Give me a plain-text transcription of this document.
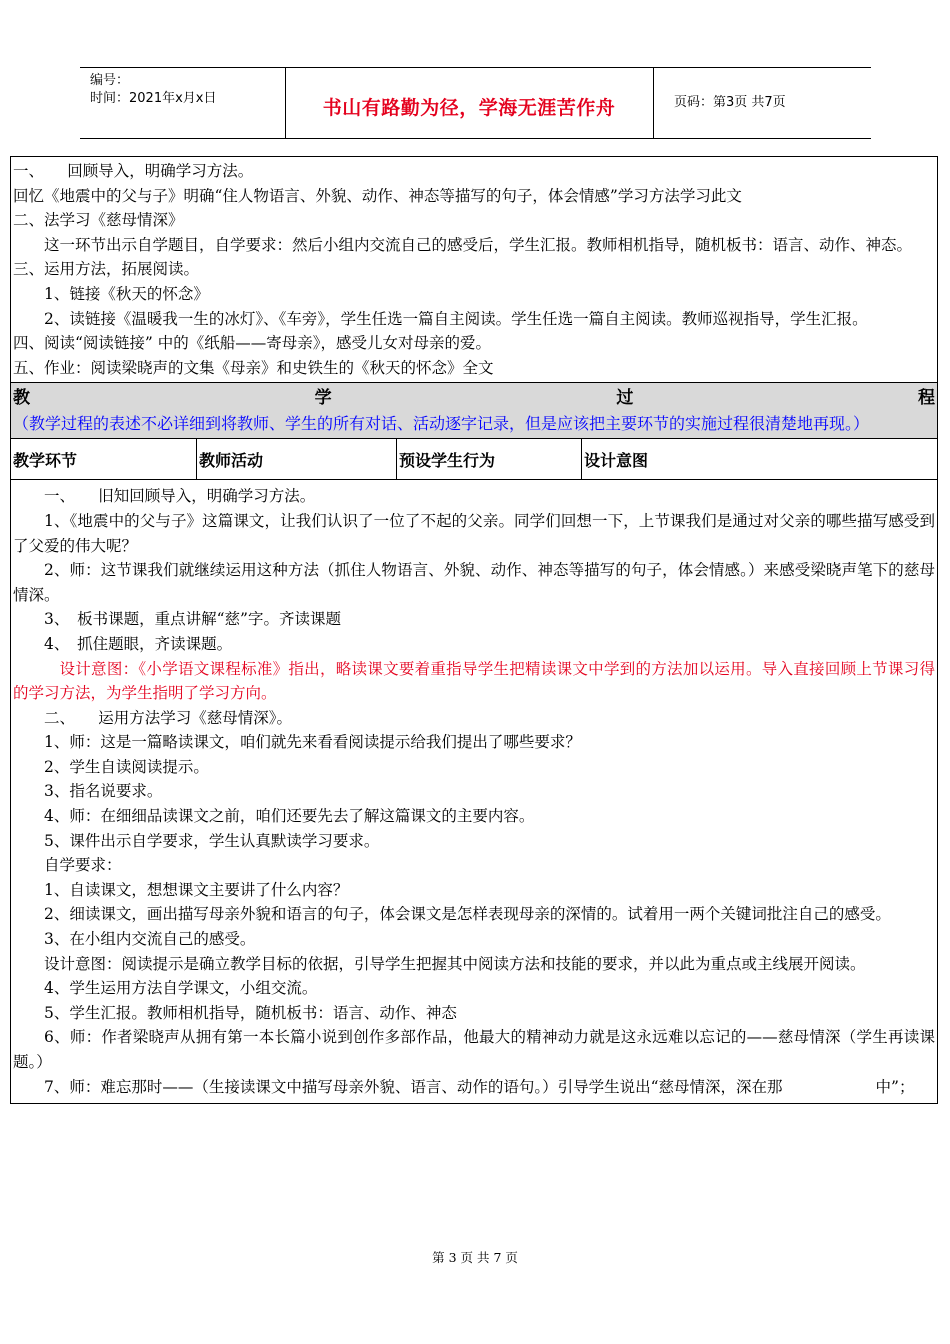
编号：
时间：2021年x月x日	书山有路勤为径，学海无涯苦作舟	页码：第3页 共7页

一、　　回顾导入，明确学习方法。

回忆《地震中的父与子》明确“住人物语言、外貌、动作、神态等描写的句子，体会情感”学习方法学习此文

二、法学习《慈母情深》

这一环节出示自学题目，自学要求：然后小组内交流自己的感受后，学生汇报。教师相机指导，随机板书：语言、动作、神态。

三、运用方法，拓展阅读。

1、链接《秋天的怀念》

2、读链接《温暖我一生的冰灯》、《车旁》，学生任选一篇自主阅读。学生任选一篇自主阅读。教师巡视指导，学生汇报。

四、阅读“阅读链接” 中的《纸船——寄母亲》，感受儿女对母亲的爱。

五、作业：阅读梁晓声的文集《母亲》和史铁生的《秋天的怀念》全文

教学过程（教学过程的表述不必详细到将教师、学生的所有对话、活动逐字记录，但是应该把主要环节的实施过程很清楚地再现。）

教学环节	教师活动	预设学生行为	设计意图

一、　　旧知回顾导入，明确学习方法。

1、《地震中的父与子》这篇课文，让我们认识了一位了不起的父亲。同学们回想一下，上节课我们是通过对父亲的哪些描写感受到了父爱的伟大呢？

2、师：这节课我们就继续运用这种方法（抓住人物语言、外貌、动作、神态等描写的句子，体会情感。）来感受梁晓声笔下的慈母情深。

3、　板书课题，重点讲解“慈”字。齐读课题

4、　抓住题眼，齐读课题。

设计意图：《小学语文课程标准》指出，略读课文要着重指导学生把精读课文中学到的方法加以运用。导入直接回顾上节课习得的学习方法，为学生指明了学习方向。

二、　　运用方法学习《慈母情深》。

1、师：这是一篇略读课文，咱们就先来看看阅读提示给我们提出了哪些要求？

2、学生自读阅读提示。

3、指名说要求。

4、师：在细细品读课文之前，咱们还要先去了解这篇课文的主要内容。

5、课件出示自学要求，学生认真默读学习要求。

自学要求：

1、自读课文，想想课文主要讲了什么内容？

2、细读课文，画出描写母亲外貌和语言的句子，体会课文是怎样表现母亲的深情的。试着用一两个关键词批注自己的感受。

3、在小组内交流自己的感受。

设计意图：阅读提示是确立教学目标的依据，引导学生把握其中阅读方法和技能的要求，并以此为重点或主线展开阅读。

4、学生运用方法自学课文，小组交流。

5、学生汇报。教师相机指导，随机板书：语言、动作、神态

6、师：作者梁晓声从拥有第一本长篇小说到创作多部作品，他最大的精神动力就是这永远难以忘记的——慈母情深（学生再读课题。）

7、师：难忘那时——（生接读课文中描写母亲外貌、语言、动作的语句。）引导学生说出“慈母情深，深在那　　　　　　中”；

第 3 页 共 7 页
